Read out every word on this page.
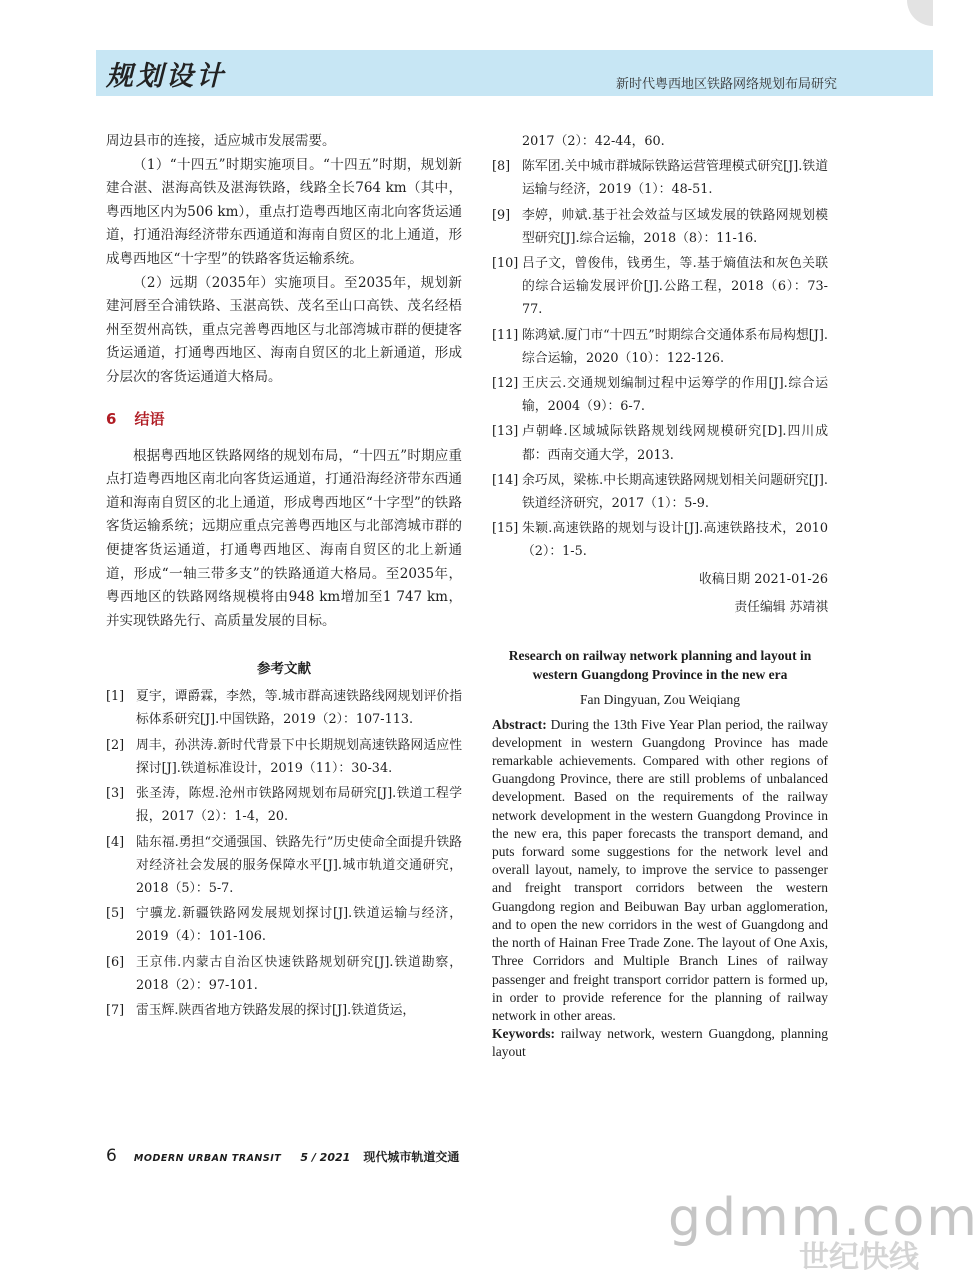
规划设计	新时代粤西地区铁路网络规划布局研究

周边县市的连接，适应城市发展需要。

（1）“十四五”时期实施项目。“十四五”时期，规划新建合湛、湛海高铁及湛海铁路，线路全长764 km（其中，粤西地区内为506 km），重点打造粤西地区南北向客货运通道，打通沿海经济带东西通道和海南自贸区的北上通道，形成粤西地区“十字型”的铁路客货运输系统。

（2）远期（2035年）实施项目。至2035年，规划新建河唇至合浦铁路、玉湛高铁、茂名至山口高铁、茂名经梧州至贺州高铁，重点完善粤西地区与北部湾城市群的便捷客货运通道，打通粤西地区、海南自贸区的北上新通道，形成分层次的客货运通道大格局。

6 结语

根据粤西地区铁路网络的规划布局，“十四五”时期应重点打造粤西地区南北向客货运通道，打通沿海经济带东西通道和海南自贸区的北上通道，形成粤西地区“十字型”的铁路客货运输系统；远期应重点完善粤西地区与北部湾城市群的便捷客货运通道，打通粤西地区、海南自贸区的北上新通道，形成“一轴三带多支”的铁路通道大格局。至2035年，粤西地区的铁路网络规模将由948 km增加至1 747 km，并实现铁路先行、高质量发展的目标。

参考文献
[1] 夏宇，谭爵霖，李然，等.城市群高速铁路线网规划评价指标体系研究[J].中国铁路，2019（2）：107-113.
[2] 周丰，孙洪涛.新时代背景下中长期规划高速铁路网适应性探讨[J].铁道标准设计，2019（11）：30-34.
[3] 张圣涛，陈煜.沧州市铁路网规划布局研究[J].铁道工程学报，2017（2）：1-4，20.
[4] 陆东福.勇担“交通强国、铁路先行”历史使命全面提升铁路对经济社会发展的服务保障水平[J].城市轨道交通研究，2018（5）：5-7.
[5] 宁骥龙.新疆铁路网发展规划探讨[J].铁道运输与经济，2019（4）：101-106.
[6] 王京伟.内蒙古自治区快速铁路规划研究[J].铁道勘察，2018（2）：97-101.
[7] 雷玉辉.陕西省地方铁路发展的探讨[J].铁道货运，
2017（2）：42-44，60.
[8] 陈军团.关中城市群城际铁路运营管理模式研究[J].铁道运输与经济，2019（1）：48-51.
[9] 李婷，帅斌.基于社会效益与区域发展的铁路网规划模型研究[J].综合运输，2018（8）：11-16.
[10] 吕子文，曾俊伟，钱勇生，等.基于熵值法和灰色关联的综合运输发展评价[J].公路工程，2018（6）：73-77.
[11] 陈鸿斌.厦门市“十四五”时期综合交通体系布局构想[J].综合运输，2020（10）：122-126.
[12] 王庆云.交通规划编制过程中运筹学的作用[J].综合运输，2004（9）：6-7.
[13] 卢朝峰.区域城际铁路规划线网规模研究[D].四川成都：西南交通大学，2013.
[14] 余巧凤，梁栋.中长期高速铁路网规划相关问题研究[J].铁道经济研究，2017（1）：5-9.
[15] 朱颖.高速铁路的规划与设计[J].高速铁路技术，2010（2）：1-5.
收稿日期 2021-01-26
责任编辑 苏靖祺
Research on railway network planning and layout in western Guangdong Province in the new era
Fan Dingyuan, Zou Weiqiang
Abstract: During the 13th Five Year Plan period, the railway development in western Guangdong Province has made remarkable achievements. Compared with other regions of Guangdong Province, there are still problems of unbalanced development. Based on the requirements of the railway network development in the western Guangdong Province in the new era, this paper forecasts the transport demand, and puts forward some suggestions for the network level and overall layout, namely, to improve the service to passenger and freight transport corridors between the western Guangdong region and Beibuwan Bay urban agglomeration, and to open the new corridors in the west of Guangdong and the north of Hainan Free Trade Zone. The layout of One Axis, Three Corridors and Multiple Branch Lines of railway passenger and freight transport corridor pattern is formed up, in order to provide reference for the planning of railway network in other areas.
Keywords: railway network, western Guangdong, planning layout
6 MODERN URBAN TRANSIT 5 / 2021 现代城市轨道交通
gdmm.com
世纪快线
